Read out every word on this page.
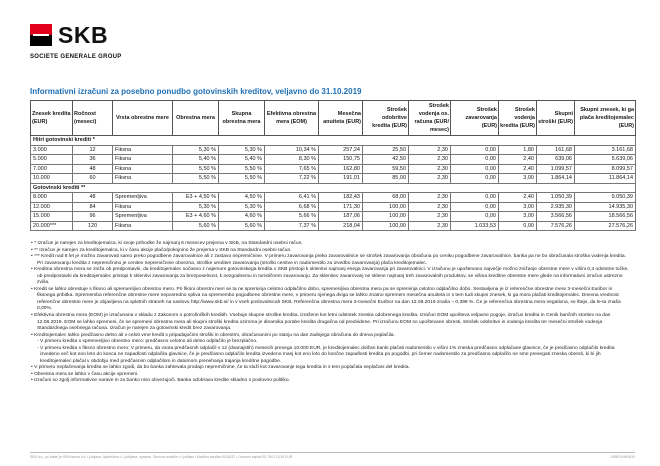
SKB
SOCIETE GENERALE GROUP
Informativni izračuni za posebno ponudbo gotovinskih kreditov, veljavno do 31.10.2019
Znesek kredita (EUR)	Ročnost (meseci)	Vrsta obrestne mere	Obrestna mera	Skupna obrestna mera	Efektivna obrestna mera (EOM)	Mesečna anuiteta (EUR)	Strošek odobritve kredita (EUR)	Strošek vodenja os. računa (EUR/ mesec)	Strošek zavarovanja (EUR)	Strošek vodenja kredita (EUR)	Skupni stroški (EUR)	Skupni znesek, ki ga plača kreditojemalec (EUR)
Hitri gotovinski krediti *												
3.000	12	Fiksna	5,30 %	5,30 %	10,34 %	257,24	25,50	2,30	0,00	1,80	161,68	3.161,68
5.000	36	Fiksna	5,40 %	5,40 %	8,30 %	150,75	42,50	2,30	0,00	2,40	639,06	5.639,06
7.000	48	Fiksna	5,50 %	5,50 %	7,65 %	162,80	59,50	2,30	0,00	2,40	1.099,57	8.099,57
10.000	60	Fiksna	5,50 %	5,50 %	7,22 %	191,01	85,00	2,30	0,00	3,00	1.864,14	11.864,14
Gotovinski krediti **												
8.000	48	Spremenljiva	E3 + 4,50 %	4,50 %	6,41 %	182,43	68,00	2,30	0,00	2,40	1.050,39	9.050,39
12.000	84	Fiksna	5,30 %	5,30 %	6,68 %	171,30	100,00	2,30	0,00	3,00	2.935,30	14.935,30
15.000	96	Spremenljiva	E3 + 4,60 %	4,60 %	5,66 %	187,06	100,00	2,30	0,00	3,00	3.566,56	18.566,56
20.000***	120	Fiksna	5,60 %	5,60 %	7,37 %	218,04	100,00	2,30	1.033,53	0,00	7.576,26	27.576,26

• * Izračun je narejen za kreditojemalca, ki svoje prihodke že najmanj 6 mesecev prejema v SKB, na Standardni osebni račun.

• ** Izračun je narejen za kreditojemalca, ki v času akcije plačo/pokojnino že prejema v SKB na Standardni osebni račun.

• *** Kredit nad 8 let je možno zavarovati samo preko pogodbene zavarovalnice ali z zastavo nepremičnine. V primeru zavarovanja preko zavarovalnice se strošek zavarovanja obračuna po ceniku pogodbene zavarovalnice, banka pa ne bo obračunala stroška vodenja kredita. Pri zavarovanju kredita z nepremičnino je cenitev nepremičnine obvezna, stroške ureditve zavarovanja (stroški cenitve in nadomestilo za izvedbo zavarovanja) plača kreditojemalec.

• Kreditna obrestna mera se zniža ob predpostavki, da kreditojemalec sočasno z najemom gotovinskega kredita v SKB pristopi k sklenitvi najmanj enega zavarovanja pri zavarovalnici. V izračunu je upoštevano največje možno znižanje obrestne mere v višini 0,3 odstotne točke, ob predpostavki da kreditojemalec pristopi k sklenitvi zavarovanja za brezposelnost, k nezgodnemu in turističnem zavarovanju. Za sklenitev zavarovanj ne sklene najmanj treh zavarovalnih produktov, se višina kreditne obrestne mere glede na informativni izračun ustrezno zviša.

• Kredit se lahko obrestuje s fiksno ali spremenljivo obrestno mero. Pri fiksni obrestni meri se ta ne spreminja celotno odplačilno dobo, spremenljiva obrestna mera pa se spreminja celotno odplačilno dobo. Sestavljena je iz referenčne obrestne mere 3-mesečni Euribor in fiksnega pribitka. Sprememba referenčne obrestne mere neposredno vpliva na spremembo pogodbene obrestne mere, v primeru njenega dviga se lahko znatno spremeni mesečna anuiteta in s tem tudi skupni znesek, ki ga mora plačati kreditojemalec. Dnevna vrednost referenčne obrestne mere je objavljena na spletnih straneh na naslovu http://www.skb.si/ in v vseh poslovalnicah SKB. Referenčna obrestna mera 3-mesečni Euribor na dan 12.08.2019 znaša – 0,398 %. Če je referenčna obrestna mera negativna, se šteje, da le-ta znaša 0,00%.

• Efektivna obrestna mera (EOM) je izračunana v skladu z Zakonom o potrošniških kreditih. Vsebuje skupne stroške kredita, izražene kot letni odstotek zneska odobrenega kredita. Izračun EOM upošteva veljavne pogoje, izračun kredita in Cenik bančnih storitev na dan 12.08.2019. EOM se lahko spremeni, če se spremeni obrestna mera ali skupni stroški kredita oziroma je dinamika porabe kredita drugačna od predvidene. Pri izračunu EOM so upoštevane obresti, strošek odobritve in vodenja kredita ter mesečni strošek vodenja Standardnega osebnega računa. Izračun je narejen za gotovinski kredit brez zavarovanja.

• Kreditojemalec lahko predčasno delno ali v celoti vrne kredit s pripadajočimi stroški in obrestmi, obračunanimi po stanju na dan zadnjega obračuna do dneva poplačila.

- V primeru kredita s spremenljivo obrestno mero: predčasno celotno ali delno odplačilo je brezplačno.

- V primeru kredita s fiksno obrestno mero: V primeru, da vsota predčasnih odplačil v 12 (dvanajstih) mesecih presega 10.000 EUR, je kreditojemalec dolžan banki plačati nadomestilo v višini 1% zneska predčasno odplačane glavnice, če je predčasno odplačilo kredita izvedeno več kot eno leto do konca ne zapadlosti odplačila glavnice, če je predčasno odplačilo kredita izvedeno manj kot eno leto do končne zapadlosti kredita po pogodbi, pri čemer nadomestilo za predčasno odplačilo ne sme presegati zneska obresti, ki bi jih kreditojemalec plačal v obdobju med predčasnim odplačilom in datumom prenehanja trajanja kreditne pogodbe.

• V primeru neplačevanja kredita se lahko zgodi, da bo banka zahtevala prodajo nepremičnine, če ta služi kot zavarovanje tega kredita in s tem poplačala neplačani del kredita.

• Obrestna mera se lahko v času akcije spremeni.

• Izračuni so zgolj informativne narave in za banko niso obvezujoči. Banka odobrava kredite skladno s poslovno politiko.

SKB d.d., pri kateri je SKB banka d.d. Ljubljana, Ajdovščina 4, Ljubljana, vpisana. Okrožno sodišče v Ljubljani • Matična številka 5026237 • Osnovni kapital 52.784.176,26 EUR	SKBPONHS819
